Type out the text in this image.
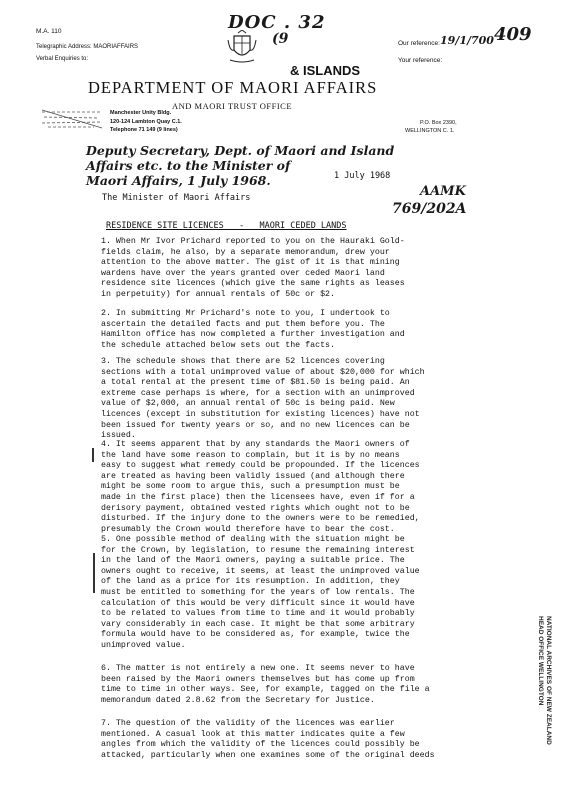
M.A. 110
Telegraphic Address: MAORIAFFAIRS
Verbal Enquiries to:
DOC . 32
(9	409
Our reference: 19/1/700
Your reference:
& ISLANDS
DEPARTMENT OF MAORI AFFAIRS
AND MAORI TRUST OFFICE
Manchester Unity Bldg.
120-124 Lambton Quay C.1.
Telephone 71 149 (9 lines)
P.O. Box 2390,
WELLINGTON C. 1.
Deputy Secretary, Dept. of Maori and Island
Affairs etc. to the Minister of
Maori Affairs, 1 July 1968.
AAMK
769/202A
1 July 1968
The Minister of Maori Affairs
RESIDENCE SITE LICENCES   -   MAORI CEDED LANDS
1. When Mr Ivor Prichard reported to you on the Hauraki Gold-
fields claim, he also, by a separate memorandum, drew your
attention to the above matter. The gist of it is that mining
wardens have over the years granted over ceded Maori land
residence site licences (which give the same rights as leases
in perpetuity) for annual rentals of 50c or $2.
2. In submitting Mr Prichard's note to you, I undertook to
ascertain the detailed facts and put them before you. The
Hamilton office has now completed a further investigation and
the schedule attached below sets out the facts.
3. The schedule shows that there are 52 licences covering
sections with a total unimproved value of about $20,000 for which
a total rental at the present time of $81.50 is being paid. An
extreme case perhaps is where, for a section with an unimproved
value of $2,000, an annual rental of 50c is being paid. New
licences (except in substitution for existing licences) have not
been issued for twenty years or so, and no new licences can be
issued.
4. It seems apparent that by any standards the Maori owners of
the land have some reason to complain, but it is by no means
easy to suggest what remedy could be propounded. If the licences
are treated as having been validly issued (and although there
might be some room to argue this, such a presumption must be
made in the first place) then the licensees have, even if for a
derisory payment, obtained vested rights which ought not to be
disturbed. If the injury done to the owners were to be remedied,
presumably the Crown would therefore have to bear the cost.
5. One possible method of dealing with the situation might be
for the Crown, by legislation, to resume the remaining interest
in the land of the Maori owners, paying a suitable price. The
owners ought to receive, it seems, at least the unimproved value
of the land as a price for its resumption. In addition, they
must be entitled to something for the years of low rentals. The
calculation of this would be very difficult since it would have
to be related to values from time to time and it would probably
vary considerably in each case. It might be that some arbitrary
formula would have to be considered as, for example, twice the
unimproved value.
6. The matter is not entirely a new one. It seems never to have
been raised by the Maori owners themselves but has come up from
time to time in other ways. See, for example, tagged on the file a
memorandum dated 2.8.62 from the Secretary for Justice.
7. The question of the validity of the licences was earlier
mentioned. A casual look at this matter indicates quite a few
angles from which the validity of the licences could possibly be
attacked, particularly when one examines some of the original deeds
NATIONAL ARCHIVES OF NEW ZEALAND
HEAD OFFICE WELLINGTON
